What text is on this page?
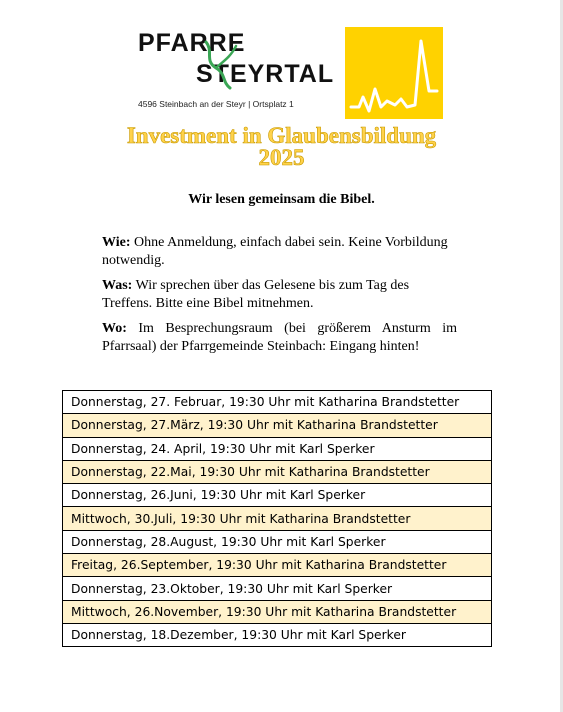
PFARRE
STEYRTAL
4596 Steinbach an der Steyr | Ortsplatz 1
Investment in Glaubensbildung
2025
Wir lesen gemeinsam die Bibel.
Wie: Ohne Anmeldung, einfach dabei sein. Keine Vorbildung notwendig.
Was: Wir sprechen über das Gelesene bis zum Tag des Treffens. Bitte eine Bibel mitnehmen.
Wo: Im Besprechungsraum (bei größerem Ansturm im Pfarrsaal) der Pfarrgemeinde Steinbach: Eingang hinten!
Donnerstag, 27. Februar, 19:30 Uhr mit Katharina Brandstetter
Donnerstag, 27.März, 19:30 Uhr mit Katharina Brandstetter
Donnerstag, 24. April, 19:30 Uhr mit Karl Sperker
Donnerstag, 22.Mai, 19:30 Uhr mit Katharina Brandstetter
Donnerstag, 26.Juni, 19:30 Uhr mit Karl Sperker
Mittwoch, 30.Juli, 19:30 Uhr mit Katharina Brandstetter
Donnerstag, 28.August, 19:30 Uhr mit Karl Sperker
Freitag, 26.September, 19:30 Uhr mit Katharina Brandstetter
Donnerstag, 23.Oktober, 19:30 Uhr mit Karl Sperker
Mittwoch, 26.November, 19:30 Uhr mit Katharina Brandstetter
Donnerstag, 18.Dezember, 19:30 Uhr mit Karl Sperker
